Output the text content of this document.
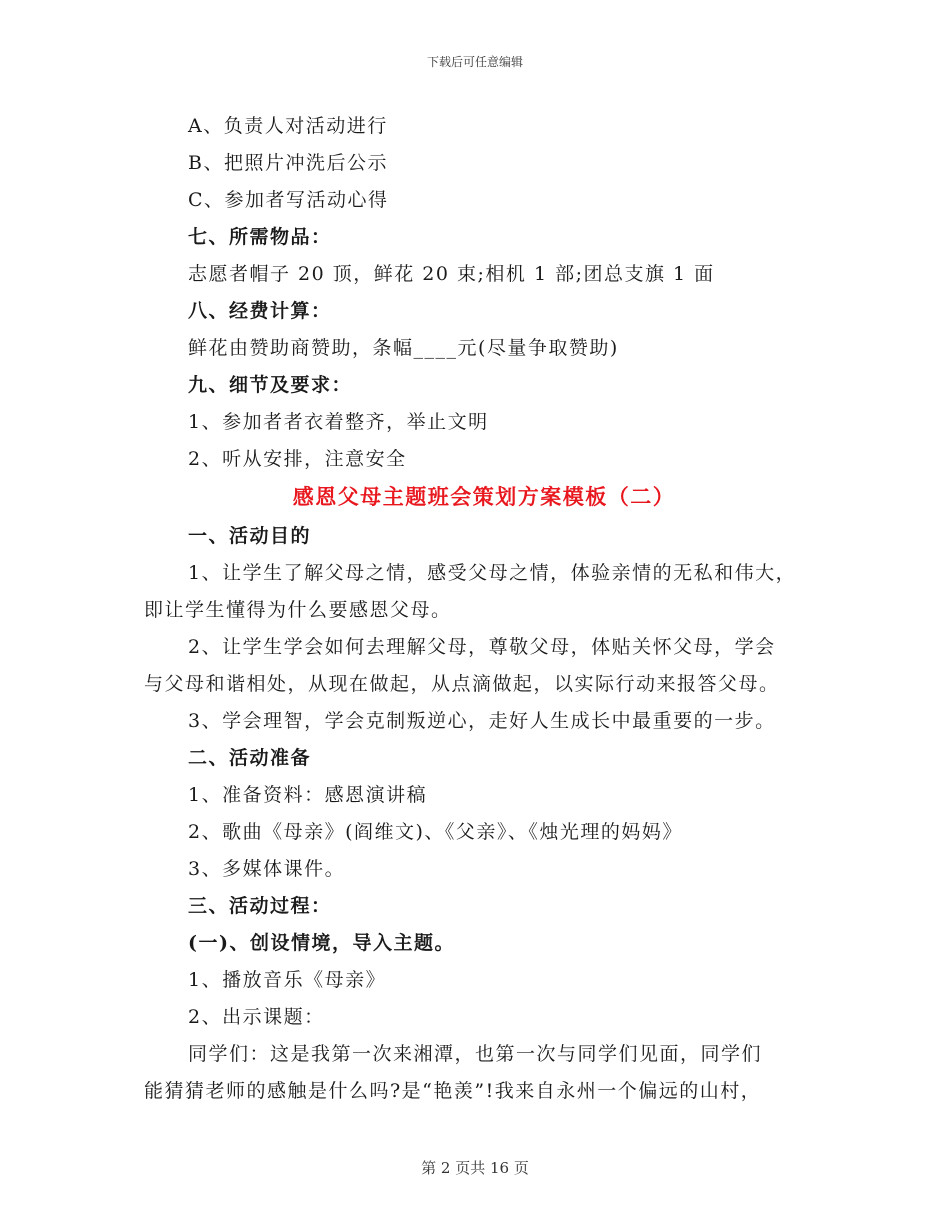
下载后可任意编辑
A、负责人对活动进行
B、把照片冲洗后公示
C、参加者写活动心得
七、所需物品：
志愿者帽子 20 顶，鲜花 20 束;相机 1 部;团总支旗 1 面
八、经费计算：
鲜花由赞助商赞助，条幅____元(尽量争取赞助)
九、细节及要求：
1、参加者者衣着整齐，举止文明
2、听从安排，注意安全
感恩父母主题班会策划方案模板（二）
一、活动目的
1、让学生了解父母之情，感受父母之情，体验亲情的无私和伟大，
即让学生懂得为什么要感恩父母。
2、让学生学会如何去理解父母，尊敬父母，体贴关怀父母，学会
与父母和谐相处，从现在做起，从点滴做起，以实际行动来报答父母。
3、学会理智，学会克制叛逆心，走好人生成长中最重要的一步。
二、活动准备
1、准备资料：感恩演讲稿
2、歌曲《母亲》(阎维文)、《父亲》、《烛光理的妈妈》
3、多媒体课件。
三、活动过程：
(一)、创设情境，导入主题。
1、播放音乐《母亲》
2、出示课题：
同学们：这是我第一次来湘潭，也第一次与同学们见面，同学们
能猜猜老师的感触是什么吗?是“艳羡”!我来自永州一个偏远的山村，
第 2 页共 16 页
